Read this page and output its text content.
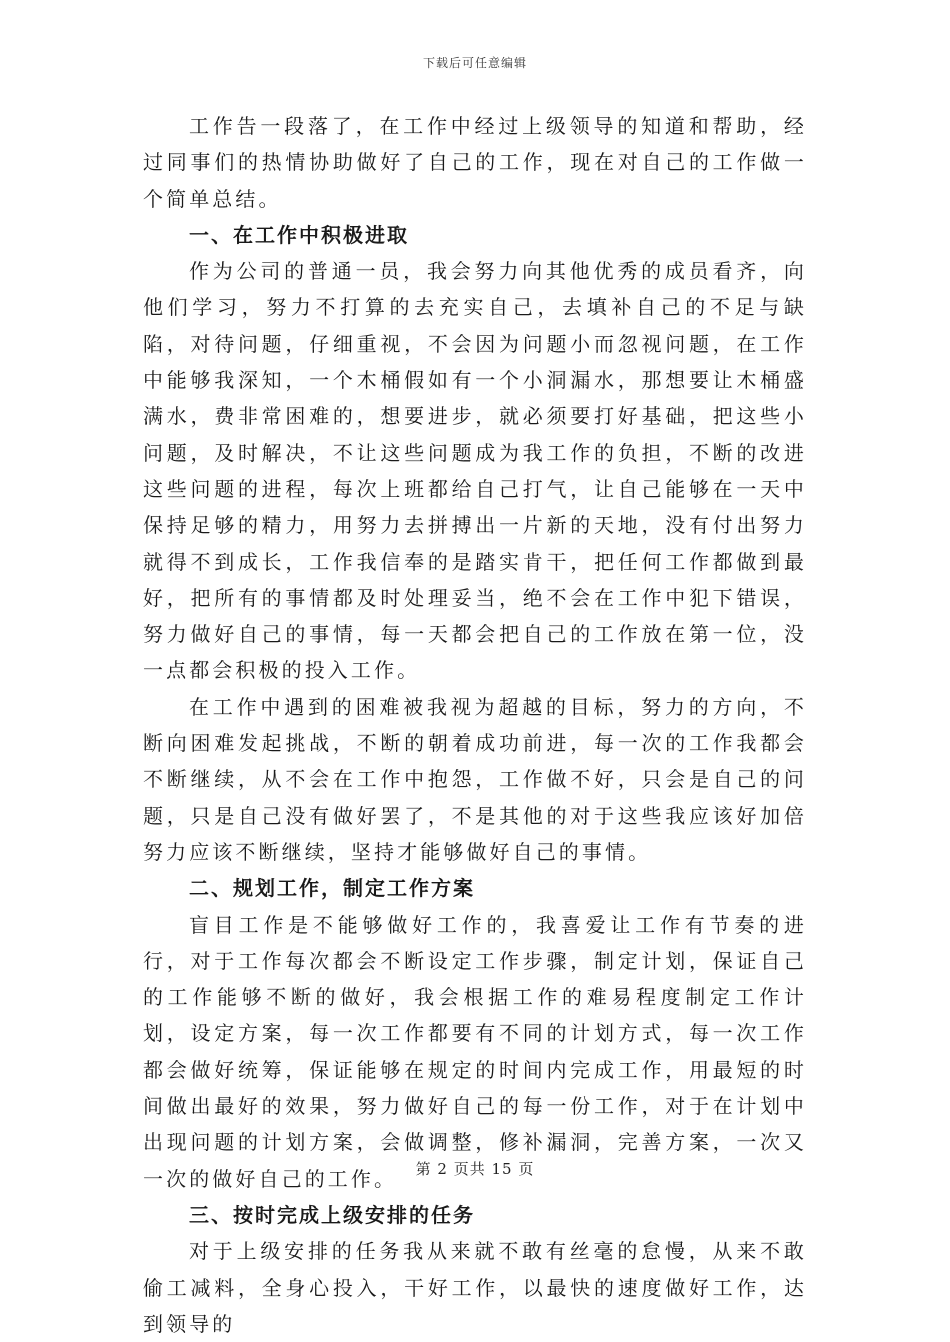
下载后可任意编辑

工作告一段落了，在工作中经过上级领导的知道和帮助，经过同事们的热情协助做好了自己的工作，现在对自己的工作做一个简单总结。

一、在工作中积极进取

作为公司的普通一员，我会努力向其他优秀的成员看齐，向他们学习，努力不打算的去充实自己，去填补自己的不足与缺陷，对待问题，仔细重视，不会因为问题小而忽视问题，在工作中能够我深知，一个木桶假如有一个小洞漏水，那想要让木桶盛满水，费非常困难的，想要进步，就必须要打好基础，把这些小问题，及时解决，不让这些问题成为我工作的负担，不断的改进这些问题的进程，每次上班都给自己打气，让自己能够在一天中保持足够的精力，用努力去拼搏出一片新的天地，没有付出努力就得不到成长，工作我信奉的是踏实肯干，把任何工作都做到最好，把所有的事情都及时处理妥当，绝不会在工作中犯下错误，努力做好自己的事情，每一天都会把自己的工作放在第一位，没一点都会积极的投入工作。

在工作中遇到的困难被我视为超越的目标，努力的方向，不断向困难发起挑战，不断的朝着成功前进，每一次的工作我都会不断继续，从不会在工作中抱怨，工作做不好，只会是自己的问题，只是自己没有做好罢了，不是其他的对于这些我应该好加倍努力应该不断继续，坚持才能够做好自己的事情。

二、规划工作，制定工作方案

盲目工作是不能够做好工作的，我喜爱让工作有节奏的进行，对于工作每次都会不断设定工作步骤，制定计划，保证自己的工作能够不断的做好，我会根据工作的难易程度制定工作计划，设定方案，每一次工作都要有不同的计划方式，每一次工作都会做好统筹，保证能够在规定的时间内完成工作，用最短的时间做出最好的效果，努力做好自己的每一份工作，对于在计划中出现问题的计划方案，会做调整，修补漏洞，完善方案，一次又一次的做好自己的工作。

三、按时完成上级安排的任务

对于上级安排的任务我从来就不敢有丝毫的怠慢，从来不敢偷工减料，全身心投入，干好工作，以最快的速度做好工作，达到领导的

第 2 页共 15 页
